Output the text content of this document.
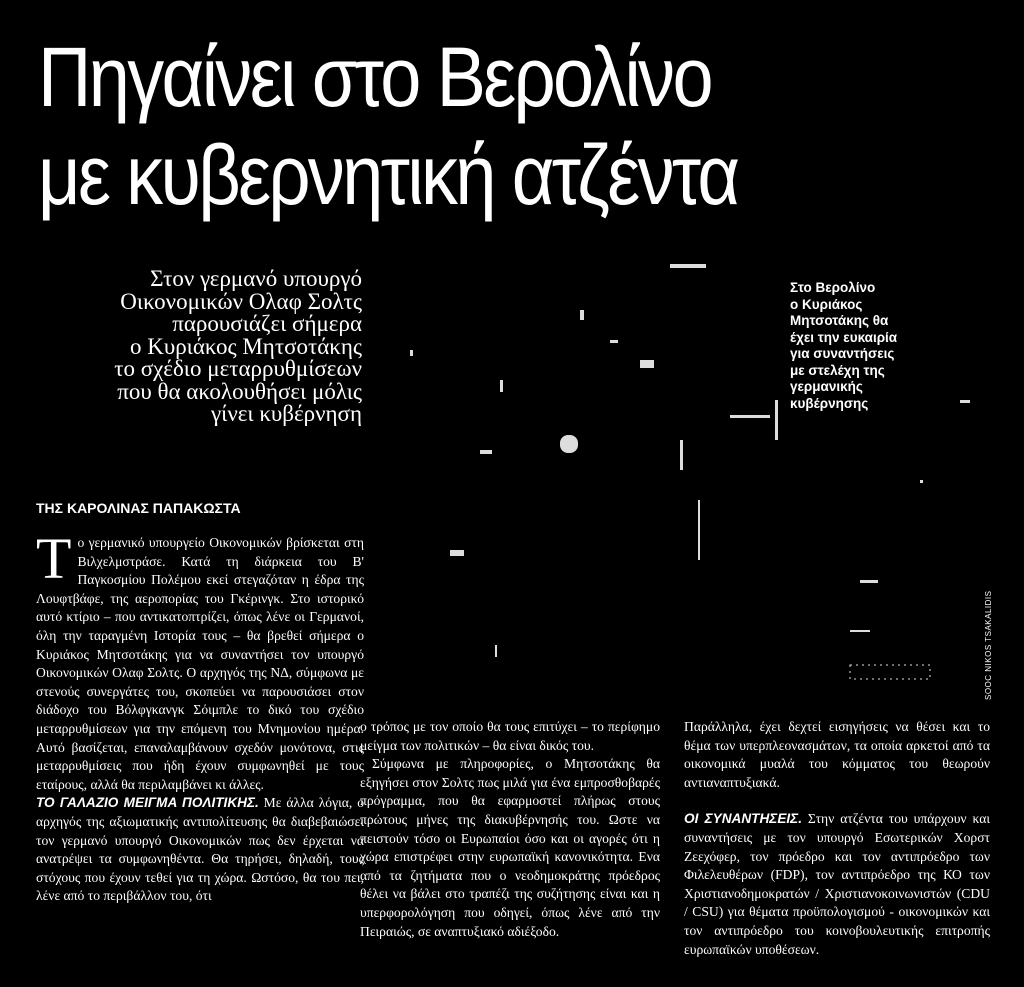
Πηγαίνει στο Βερολίνο
με κυβερνητική ατζέντα
Στον γερμανό υπουργό
Οικονομικών Ολαφ Σολτς
παρουσιάζει σήμερα
ο Κυριάκος Μητσοτάκης
το σχέδιο μεταρρυθμίσεων
που θα ακολουθήσει μόλις
γίνει κυβέρνηση
Στο Βερολίνο
ο Κυριάκος
Μητσοτάκης θα
έχει την ευκαιρία
για συναντήσεις
με στελέχη της
γερμανικής
κυβέρνησης
SOOC NIKOS TSAKALIDIS
ΤΗΣ ΚΑΡΟΛΙΝΑΣ ΠΑΠΑΚΩΣΤΑ

Το γερμανικό υπουργείο Οικονομικών βρίσκεται στη Βιλχελμστράσε. Κατά τη διάρκεια του Β' Παγκοσμίου Πολέμου εκεί στεγαζόταν η έδρα της Λουφτβάφε, της αεροπορίας του Γκέρινγκ. Στο ιστορικό αυτό κτίριο – που αντικατοπτρίζει, όπως λένε οι Γερμανοί, όλη την ταραγμένη Ιστορία τους – θα βρεθεί σήμερα ο Κυριάκος Μητσοτάκης για να συναντήσει τον υπουργό Οικονομικών Ολαφ Σολτς. Ο αρχηγός της ΝΔ, σύμφωνα με στενούς συνεργάτες του, σκοπεύει να παρουσιάσει στον διάδοχο του Βόλφγκανγκ Σόιμπλε το δικό του σχέδιο μεταρρυθμίσεων για την επόμενη του Μνημονίου ημέρα. Αυτό βασίζεται, επαναλαμβάνουν σχεδόν μονότονα, στις μεταρρυθμίσεις που ήδη έχουν συμφωνηθεί με τους εταίρους, αλλά θα περιλαμβάνει κι άλλες.

ΤΟ ΓΑΛΑΖΙΟ ΜΕΙΓΜΑ ΠΟΛΙΤΙΚΗΣ. Με άλλα λόγια, ο αρχηγός της αξιωματικής αντιπολίτευσης θα διαβεβαιώσει τον γερμανό υπουργό Οικονομικών πως δεν έρχεται να ανατρέψει τα συμφωνηθέντα. Θα τηρήσει, δηλαδή, τους στόχους που έχουν τεθεί για τη χώρα. Ωστόσο, θα του πει, λένε από το περιβάλλον του, ότι

ο τρόπος με τον οποίο θα τους επιτύχει – το περίφημο μείγμα των πολιτικών – θα είναι δικός του.

Σύμφωνα με πληροφορίες, ο Μητσοτάκης θα εξηγήσει στον Σολτς πως μιλά για ένα εμπροσθοβαρές πρόγραμμα, που θα εφαρμοστεί πλήρως στους πρώτους μήνες της διακυβέρνησής του. Ωστε να πειστούν τόσο οι Ευρωπαίοι όσο και οι αγορές ότι η χώρα επιστρέφει στην ευρωπαϊκή κανονικότητα. Ενα από τα ζητήματα που ο νεοδημοκράτης πρόεδρος θέλει να βάλει στο τραπέζι της συζήτησης είναι και η υπερφορολόγηση που οδηγεί, όπως λένε από την Πειραιώς, σε αναπτυξιακό αδιέξοδο.

Παράλληλα, έχει δεχτεί εισηγήσεις να θέσει και το θέμα των υπερπλεονασμάτων, τα οποία αρκετοί από τα οικονομικά μυαλά του κόμματος του θεωρούν αντιαναπτυξιακά.

ΟΙ ΣΥΝΑΝΤΗΣΕΙΣ. Στην ατζέντα του υπάρχουν και συναντήσεις με τον υπουργό Εσωτερικών Χορστ Ζεεχόφερ, τον πρόεδρο και τον αντιπρόεδρο των Φιλελευθέρων (FDP), τον αντιπρόεδρο της ΚΟ των Χριστιανοδημοκρατών / Χριστιανοκοινωνιστών (CDU / CSU) για θέματα προϋπολογισμού - οικονομικών και τον αντιπρόεδρο του κοινοβουλευτικής επιτροπής ευρωπαϊκών υποθέσεων.
